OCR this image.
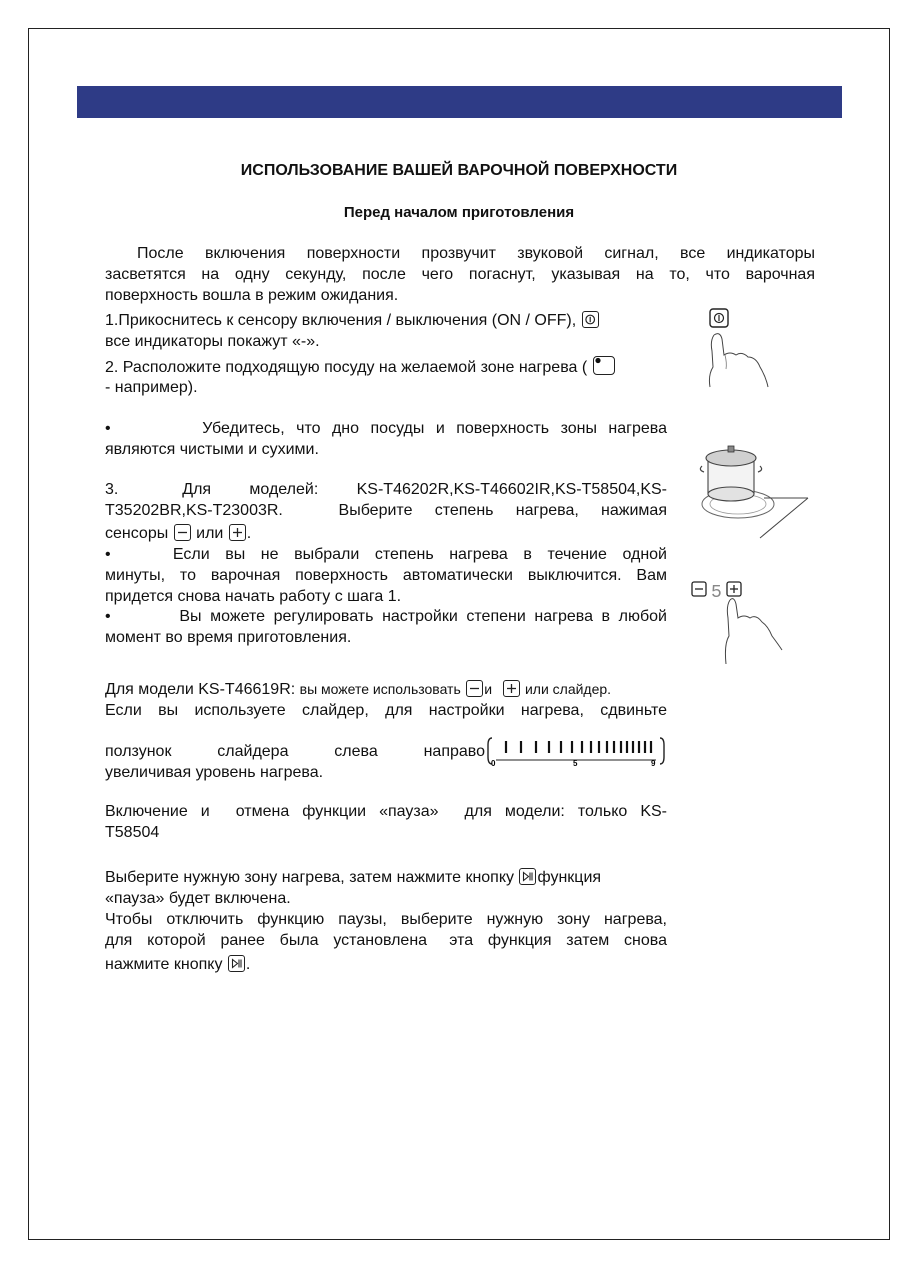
ИСПОЛЬЗОВАНИЕ ВАШЕЙ ВАРОЧНОЙ ПОВЕРХНОСТИ
Перед началом приготовления
После включения поверхности прозвучит звуковой сигнал, все индикаторы
засветятся на одну секунду, после чего погаснут, указывая на то, что варочная
поверхность вошла в режим ожидания.
1.Прикоснитесь к сенсору включения / выключения (ON / OFF),
все индикаторы покажут «-».
2. Расположите подходящую посуду на желаемой зоне нагрева (
- например).
•        Убедитесь, что дно посуды и поверхность зоны нагрева
являются чистыми и сухими.
3.          Для      моделей:      KS-T46202R,KS-T46602IR,KS-T58504,KS-
T35202BR,KS-T23003R.     Выберите  степень  нагрева,  нажимая
сенсоры или .
•        Если  вы  не  выбрали  степень  нагрева  в  течение  одной
минуты, то варочная поверхность автоматически выключится. Вам
придется снова начать работу с шага 1.
•        Вы можете регулировать настройки степени нагрева в любой
момент во время приготовления.
Для модели KS-T46619R: вы можете использовать и или слайдер.
Если  вы  используете  слайдер,  для  настройки  нагрева,  сдвиньте
ползунок       слайдера       слева       направо
0	5	9
увеличивая уровень нагрева.
Включение и  отмена функции «пауза»  для модели: только KS-
T58504
Выберите нужную зону нагрева, затем нажмите кнопку функция
«пауза» будет включена.
Чтобы отключить функцию паузы, выберите нужную зону нагрева,
для  которой  ранее  была  установлена   эта  функция  затем  снова
нажмите кнопку .
5
